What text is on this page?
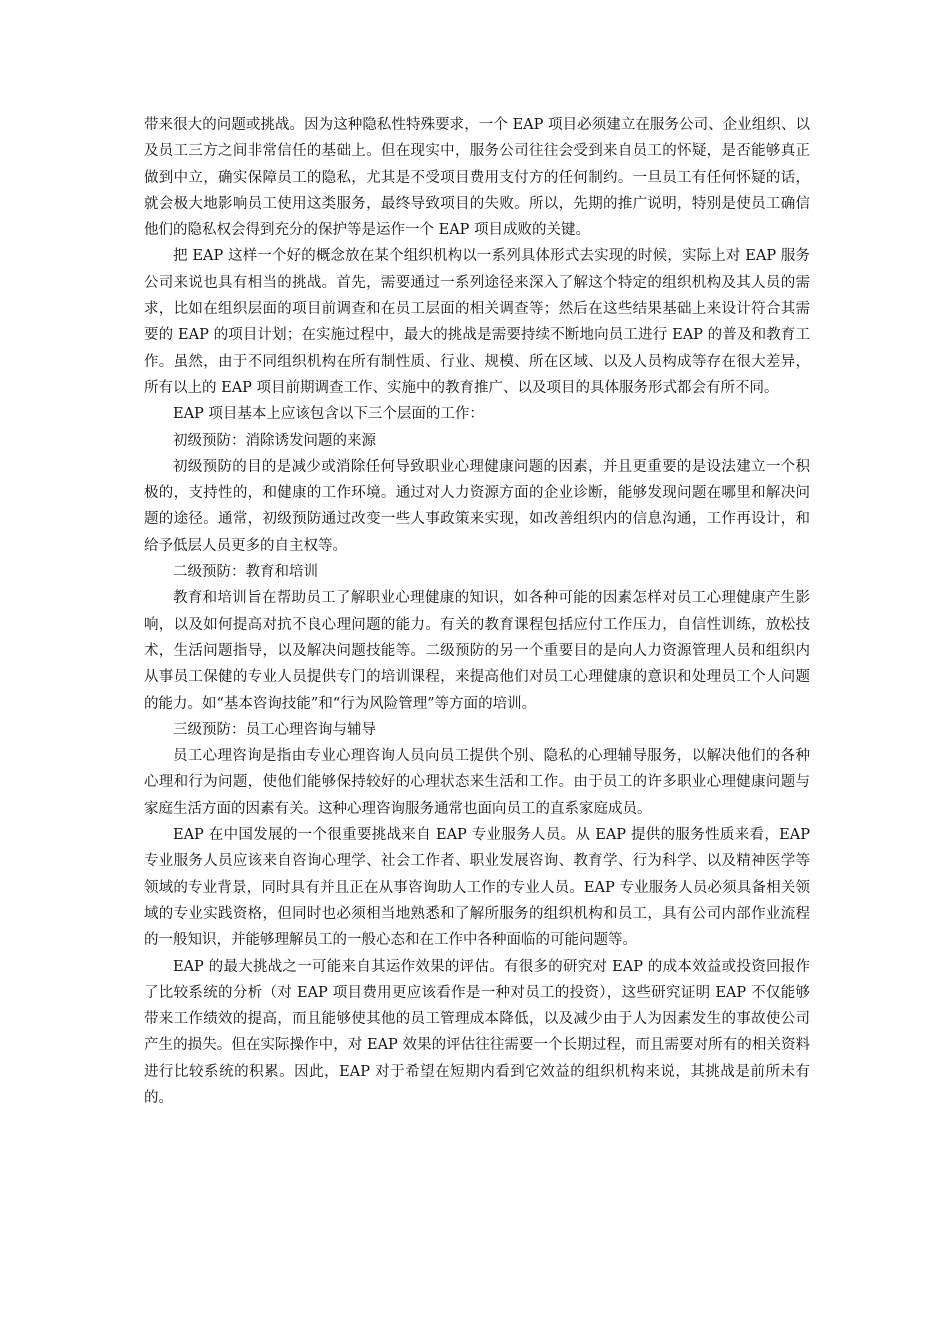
带来很大的问题或挑战。因为这种隐私性特殊要求，一个 EAP 项目必须建立在服务公司、企业组织、以及员工三方之间非常信任的基础上。但在现实中，服务公司往往会受到来自员工的怀疑，是否能够真正做到中立，确实保障员工的隐私，尤其是不受项目费用支付方的任何制约。一旦员工有任何怀疑的话，就会极大地影响员工使用这类服务，最终导致项目的失败。所以，先期的推广说明，特别是使员工确信他们的隐私权会得到充分的保护等是运作一个 EAP 项目成败的关键。

把 EAP 这样一个好的概念放在某个组织机构以一系列具体形式去实现的时候，实际上对 EAP 服务公司来说也具有相当的挑战。首先，需要通过一系列途径来深入了解这个特定的组织机构及其人员的需求，比如在组织层面的项目前调查和在员工层面的相关调查等；然后在这些结果基础上来设计符合其需要的 EAP 的项目计划；在实施过程中，最大的挑战是需要持续不断地向员工进行 EAP 的普及和教育工作。虽然，由于不同组织机构在所有制性质、行业、规模、所在区域、以及人员构成等存在很大差异，所有以上的 EAP 项目前期调查工作、实施中的教育推广、以及项目的具体服务形式都会有所不同。

EAP 项目基本上应该包含以下三个层面的工作：

初级预防：消除诱发问题的来源

初级预防的目的是减少或消除任何导致职业心理健康问题的因素，并且更重要的是设法建立一个积极的，支持性的，和健康的工作环境。通过对人力资源方面的企业诊断，能够发现问题在哪里和解决问题的途径。通常，初级预防通过改变一些人事政策来实现，如改善组织内的信息沟通，工作再设计，和给予低层人员更多的自主权等。

二级预防：教育和培训

教育和培训旨在帮助员工了解职业心理健康的知识，如各种可能的因素怎样对员工心理健康产生影响，以及如何提高对抗不良心理问题的能力。有关的教育课程包括应付工作压力，自信性训练，放松技术，生活问题指导，以及解决问题技能等。二级预防的另一个重要目的是向人力资源管理人员和组织内从事员工保健的专业人员提供专门的培训课程，来提高他们对员工心理健康的意识和处理员工个人问题的能力。如“基本咨询技能”和“行为风险管理”等方面的培训。

三级预防：员工心理咨询与辅导

员工心理咨询是指由专业心理咨询人员向员工提供个别、隐私的心理辅导服务，以解决他们的各种心理和行为问题，使他们能够保持较好的心理状态来生活和工作。由于员工的许多职业心理健康问题与家庭生活方面的因素有关。这种心理咨询服务通常也面向员工的直系家庭成员。

EAP 在中国发展的一个很重要挑战来自 EAP 专业服务人员。从 EAP 提供的服务性质来看，EAP 专业服务人员应该来自咨询心理学、社会工作者、职业发展咨询、教育学、行为科学、以及精神医学等领域的专业背景，同时具有并且正在从事咨询助人工作的专业人员。EAP 专业服务人员必须具备相关领域的专业实践资格，但同时也必须相当地熟悉和了解所服务的组织机构和员工，具有公司内部作业流程的一般知识，并能够理解员工的一般心态和在工作中各种面临的可能问题等。

EAP 的最大挑战之一可能来自其运作效果的评估。有很多的研究对 EAP 的成本效益或投资回报作了比较系统的分析（对 EAP 项目费用更应该看作是一种对员工的投资），这些研究证明 EAP 不仅能够带来工作绩效的提高，而且能够使其他的员工管理成本降低，以及减少由于人为因素发生的事故使公司产生的损失。但在实际操作中，对 EAP 效果的评估往往需要一个长期过程，而且需要对所有的相关资料进行比较系统的积累。因此，EAP 对于希望在短期内看到它效益的组织机构来说，其挑战是前所未有的。
